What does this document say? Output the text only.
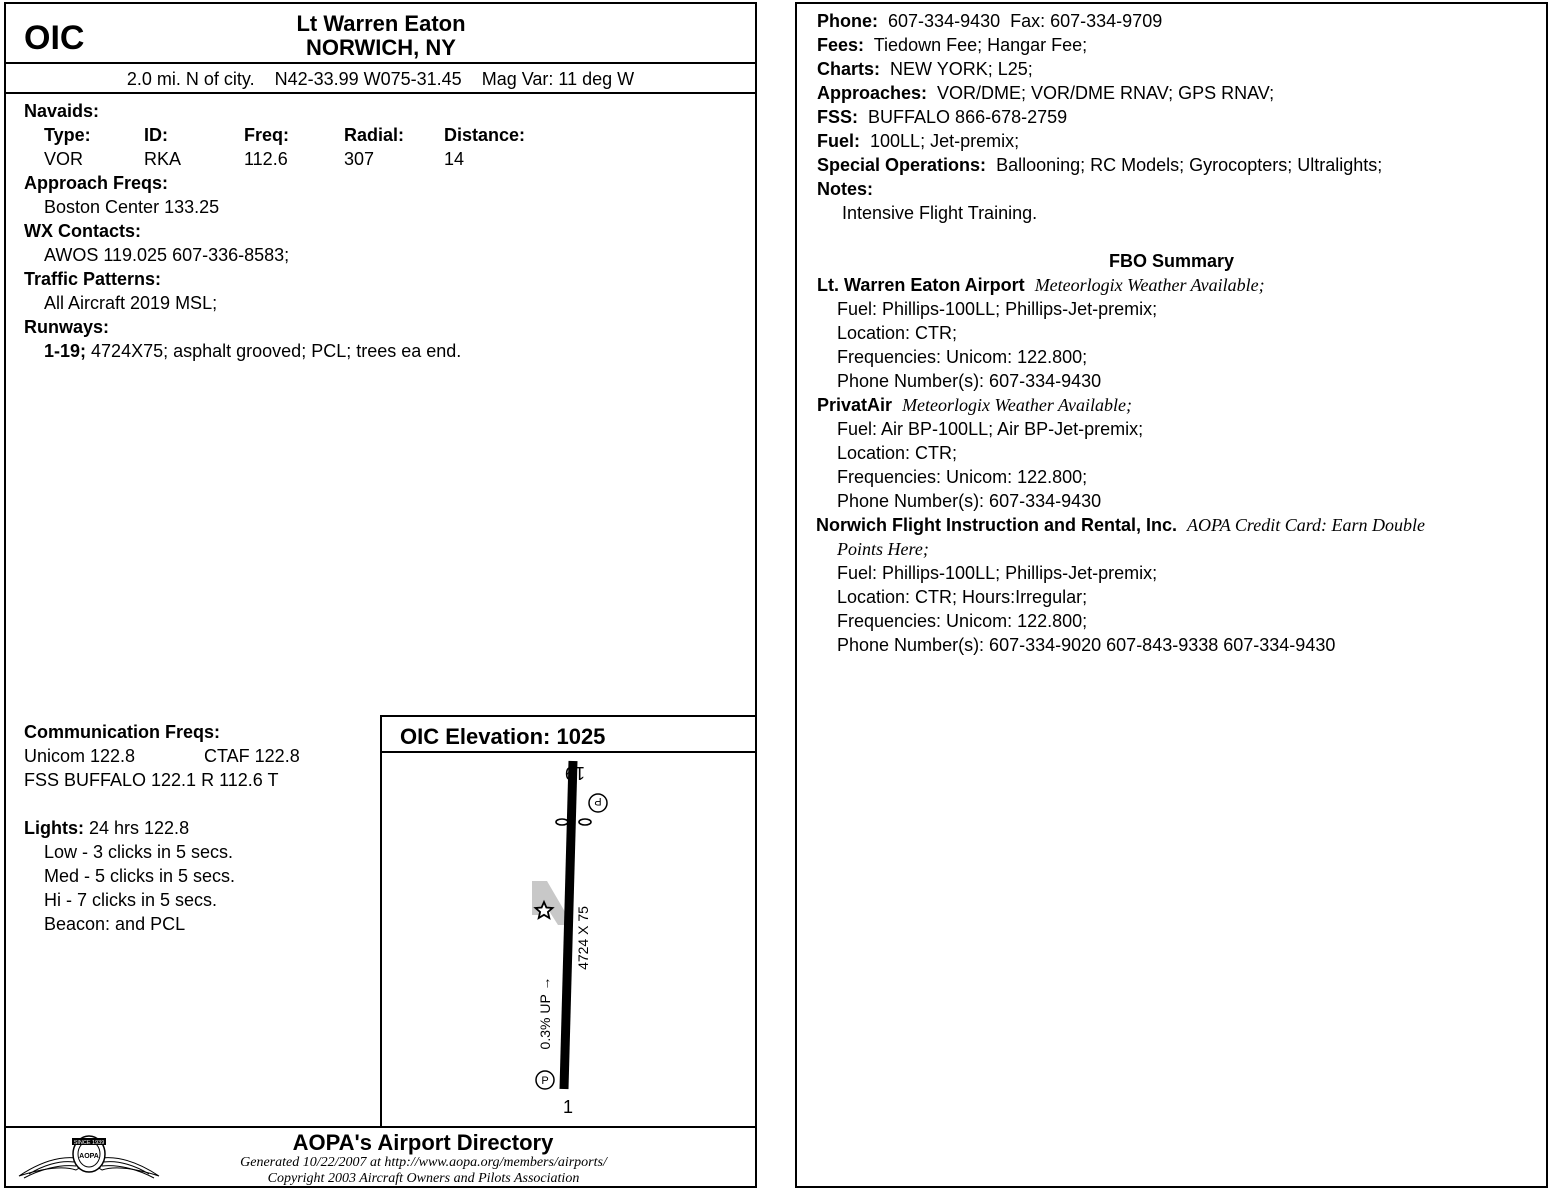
OIC	Lt Warren Eaton
NORWICH, NY
2.0 mi. N of city.    N42-33.99 W075-31.45    Mag Var: 11 deg W
Navaids:
Type:	ID:	Freq:	Radial: Distance:
VOR	RKA	112.6	307	14
Approach Freqs:
Boston Center 133.25
WX Contacts:
AWOS 119.025 607-336-8583;
Traffic Patterns:
All Aircraft 2019 MSL;
Runways:
1-19; 4724X75; asphalt grooved; PCL; trees ea end.
Communication Freqs:
Unicom 122.8	CTAF 122.8
FSS BUFFALO 122.1 R 112.6 T
Lights: 24 hrs 122.8
Low - 3 clicks in 5 secs.
Med - 5 clicks in 5 secs.
Hi - 7 clicks in 5 secs.
Beacon: and PCL
OIC Elevation: 1025
P
P
19
1
4724 X 75
0.3% UP →
SINCE 1939
AOPA
AOPA's Airport Directory
Generated 10/22/2007 at http://www.aopa.org/members/airports/
Copyright 2003 Aircraft Owners and Pilots Association
Phone: 607-334-9430  Fax: 607-334-9709
Fees: Tiedown Fee; Hangar Fee;
Charts: NEW YORK; L25;
Approaches: VOR/DME; VOR/DME RNAV; GPS RNAV;
FSS: BUFFALO 866-678-2759
Fuel: 100LL; Jet-premix;
Special Operations: Ballooning; RC Models; Gyrocopters; Ultralights;
Notes:
Intensive Flight Training.
FBO Summary
Lt. Warren Eaton Airport Meteorlogix Weather Available;
Fuel: Phillips-100LL; Phillips-Jet-premix;
Location: CTR;
Frequencies: Unicom: 122.800;
Phone Number(s): 607-334-9430
PrivatAir Meteorlogix Weather Available;
Fuel: Air BP-100LL; Air BP-Jet-premix;
Location: CTR;
Frequencies: Unicom: 122.800;
Phone Number(s): 607-334-9430
Norwich Flight Instruction and Rental, Inc. AOPA Credit Card: Earn Double
Points Here;
Fuel: Phillips-100LL; Phillips-Jet-premix;
Location: CTR; Hours:Irregular;
Frequencies: Unicom: 122.800;
Phone Number(s): 607-334-9020 607-843-9338 607-334-9430
